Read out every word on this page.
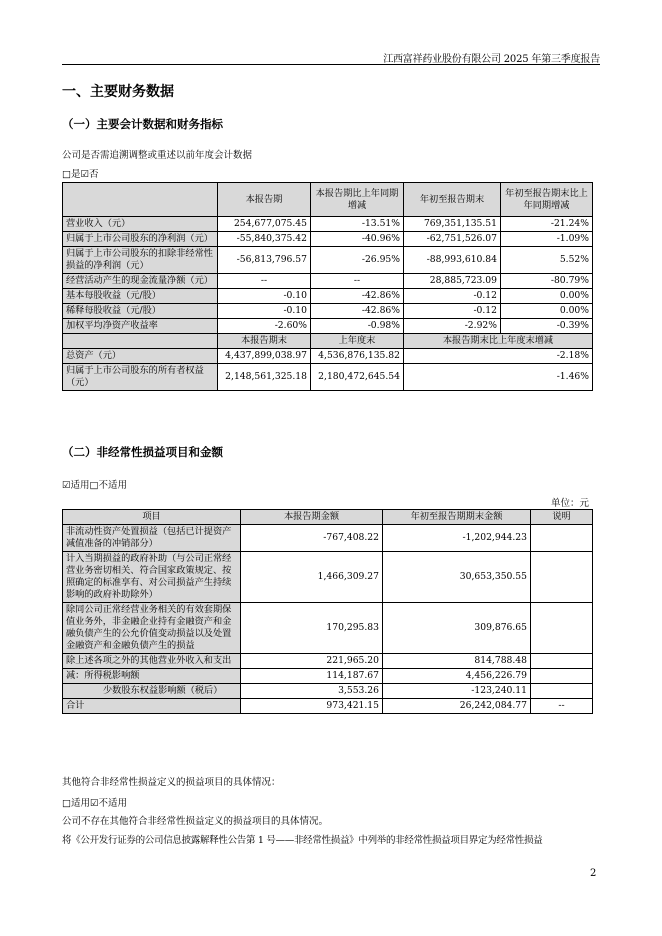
江西富祥药业股份有限公司 2025 年第三季度报告
一、主要财务数据
（一）主要会计数据和财务指标
公司是否需追溯调整或重述以前年度会计数据
□是☑否
	本报告期	本报告期比上年同期增减	年初至报告期末	年初至报告期末比上年同期增减
营业收入（元）	254,677,075.45	-13.51%	769,351,135.51	-21.24%
归属于上市公司股东的净利润（元）	-55,840,375.42	-40.96%	-62,751,526.07	-1.09%
归属于上市公司股东的扣除非经常性损益的净利润（元）	-56,813,796.57	-26.95%	-88,993,610.84	5.52%
经营活动产生的现金流量净额（元）	--	--	28,885,723.09	-80.79%
基本每股收益（元/股）	-0.10	-42.86%	-0.12	0.00%
稀释每股收益（元/股）	-0.10	-42.86%	-0.12	0.00%
加权平均净资产收益率	-2.60%	-0.98%	-2.92%	-0.39%
	本报告期末	上年度末	本报告期末比上年度末增减	
总资产（元）	4,437,899,038.97	4,536,876,135.82	-2.18%	
归属于上市公司股东的所有者权益（元）	2,148,561,325.18	2,180,472,645.54	-1.46%	
（二）非经常性损益项目和金额
☑适用□不适用
单位：元
项目	本报告期金额	年初至报告期期末金额	说明
非流动性资产处置损益（包括已计提资产减值准备的冲销部分）	-767,408.22	-1,202,944.23	
计入当期损益的政府补助（与公司正常经营业务密切相关、符合国家政策规定、按照确定的标准享有、对公司损益产生持续影响的政府补助除外）	1,466,309.27	30,653,350.55	
除同公司正常经营业务相关的有效套期保值业务外，非金融企业持有金融资产和金融负债产生的公允价值变动损益以及处置金融资产和金融负债产生的损益	170,295.83	309,876.65	
除上述各项之外的其他营业外收入和支出	221,965.20	814,788.48	
减：所得税影响额	114,187.67	4,456,226.79	
少数股东权益影响额（税后）	3,553.26	-123,240.11	
合计	973,421.15	26,242,084.77	--
其他符合非经常性损益定义的损益项目的具体情况：
□适用☑不适用
公司不存在其他符合非经常性损益定义的损益项目的具体情况。
将《公开发行证券的公司信息披露解释性公告第 1 号——非经常性损益》中列举的非经常性损益项目界定为经常性损益
2
